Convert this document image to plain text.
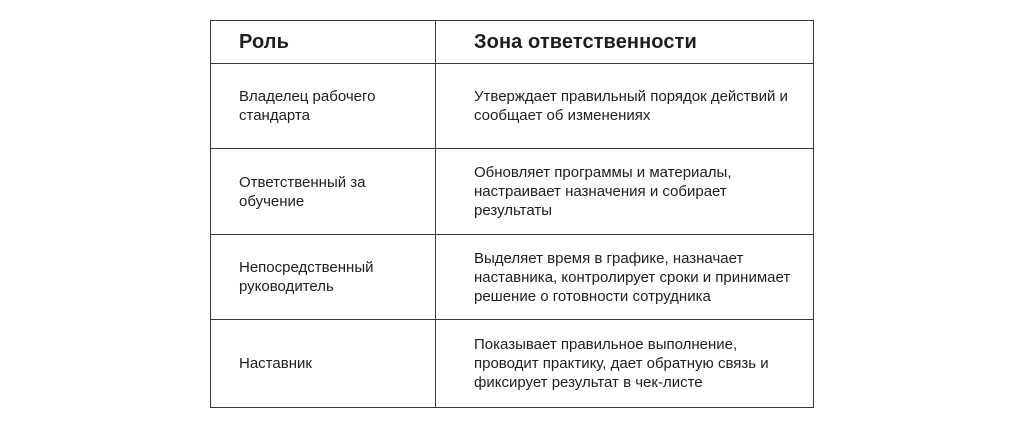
Роль	Зона ответственности
Владелец рабочего стандарта	Утверждает правильный порядок действий и сообщает об изменениях
Ответственный за обучение	Обновляет программы и материалы, настраивает назначения и собирает результаты
Непосредственный руководитель	Выделяет время в графике, назначает наставника, контролирует сроки и принимает решение о готовности сотрудника
Наставник	Показывает правильное выполнение, проводит практику, дает обратную связь и фиксирует результат в чек-листе
